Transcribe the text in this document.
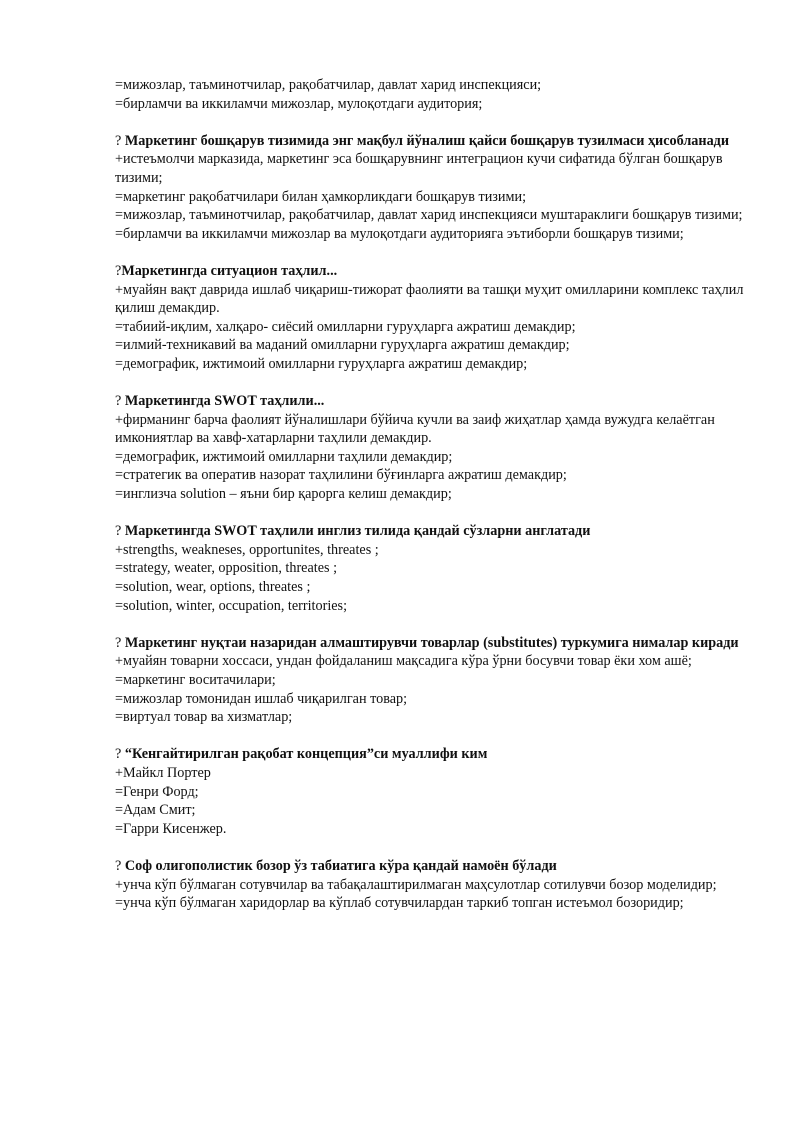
=мижозлар, таъминотчилар, рақобатчилар, давлат харид инспекцияси;

=бирламчи ва иккиламчи мижозлар, мулоқотдаги аудитория;

? Маркетинг бошқарув тизимида энг мақбул йўналиш қайси бошқарув тузилмаси ҳисобланади

+истеъмолчи марказида, маркетинг эса бошқарувнинг интеграцион кучи сифатида бўлган бошқарув тизими;

=маркетинг рақобатчилари билан ҳамкорликдаги бошқарув тизими;

=мижозлар, таъминотчилар, рақобатчилар, давлат харид инспекцияси муштараклиги бошқарув тизими;

=бирламчи ва иккиламчи мижозлар ва мулоқотдаги аудиторияга эътиборли бошқарув тизими;

?Маркетингда ситуацион таҳлил...

+муайян вақт даврида ишлаб чиқариш-тижорат фаолияти ва ташқи муҳит омилларини комплекс таҳлил қилиш демакдир.

=табиий-иқлим, халқаро- сиёсий омилларни гуруҳларга ажратиш демакдир;

=илмий-техникавий ва маданий омилларни гуруҳларга ажратиш демакдир;

=демографик, ижтимоий омилларни гуруҳларга ажратиш демакдир;

? Маркетингда SWOT таҳлили...

+фирманинг барча фаолият йўналишлари бўйича кучли ва заиф жиҳатлар ҳамда вужудга келаётган имкониятлар ва хавф-хатарларни таҳлили демакдир.

=демографик, ижтимоий омилларни таҳлили демакдир;

=стратегик ва оператив назорат таҳлилини бўғинларга ажратиш демакдир;

=инглизча solution – яъни бир қарорга келиш демакдир;

? Маркетингда SWOT таҳлили инглиз тилида қандай сўзларни англатади

+strengths, weakneses, opportunites, threates ;

=strategy, weater, opposition, threates ;

=solution, wear, options, threates ;

=solution, winter, occupation, territories;

? Маркетинг нуқтаи назаридан алмаштирувчи товарлар (substitutes) туркумига нималар киради

+муайян товарни хоссаси, ундан фойдаланиш мақсадига кўра ўрни босувчи товар ёки хом ашё;

=маркетинг воситачилари;

=мижозлар томонидан ишлаб чиқарилган товар;

=виртуал товар ва хизматлар;

? “Кенгайтирилган рақобат концепция”си муаллифи ким

+Майкл Портер

=Генри Форд;

=Адам Смит;

=Гарри Кисенжер.

? Соф олигополистик бозор ўз табиатига кўра қандай намоён бўлади

+унча кўп бўлмаган сотувчилар ва табақалаштирилмаган маҳсулотлар сотилувчи бозор моделидир;

=унча кўп бўлмаган харидорлар ва кўплаб сотувчилардан таркиб топган истеъмол бозоридир;
